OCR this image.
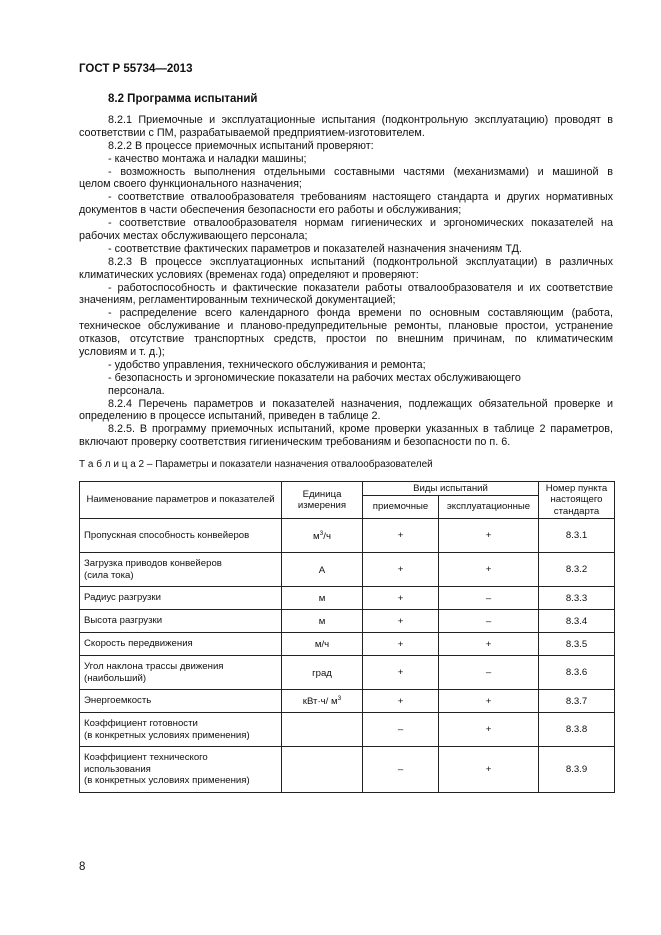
ГОСТ Р 55734—2013
8.2 Программа испытаний
8.2.1 Приемочные и эксплуатационные испытания (подконтрольную эксплуатацию) проводят в
соответствии с ПМ, разрабатываемой предприятием-изготовителем.
8.2.2 В процессе приемочных испытаний проверяют:
- качество монтажа и наладки машины;
- возможность выполнения отдельными составными частями (механизмами) и машиной в
целом своего функционального назначения;
- соответствие отвалообразователя требованиям настоящего стандарта и других нормативных
документов в части обеспечения безопасности его работы и обслуживания;
- соответствие отвалообразователя нормам гигиенических и эргономических показателей на
рабочих местах обслуживающего персонала;
- соответствие фактических параметров и показателей назначения значениям ТД.
8.2.3 В процессе эксплуатационных испытаний (подконтрольной эксплуатации) в различных
климатических условиях (временах года) определяют и проверяют:
- работоспособность и фактические показатели работы отвалообразователя и их соответствие
значениям, регламентированным технической документацией;
- распределение всего календарного фонда времени по основным составляющим (работа,
техническое обслуживание и планово-предупредительные ремонты, плановые простои, устранение
отказов, отсутствие транспортных средств, простои по внешним причинам, по климатическим
условиям и т. д.);
- удобство управления, технического обслуживания и ремонта;
- безопасность и эргономические показатели на рабочих местах обслуживающего
персонала.
8.2.4 Перечень параметров и показателей назначения, подлежащих обязательной проверке и
определению в процессе испытаний, приведен в таблице 2.
8.2.5. В программу приемочных испытаний, кроме проверки указанных в таблице 2 параметров,
включают проверку соответствия гигиеническим требованиям и безопасности по п. 6.
Т а б л и ц а 2 – Параметры и показатели назначения отвалообразователей
Наименование параметров и показателей	Единица измерения	Виды испытаний		Номер пункта настоящего стандарта
		приемочные	эксплуатационные	
Пропускная способность конвейеров	$м^3/ч$	+	+	8.3.1
Загрузка приводов конвейеров
(сила тока)	А	+	+	8.3.2
Радиус разгрузки	м	+	–	8.3.3
Высота разгрузки	м	+	–	8.3.4
Скорость передвижения	м/ч	+	+	8.3.5
Угол наклона трассы движения
(наибольший)	град	+	–	8.3.6
Энергоемкость	кВт·ч/ $м^3$	+	+	8.3.7
Коэффициент готовности
(в конкретных условиях применения)		–	+	8.3.8
Коэффициент технического
использования
(в конкретных условиях применения)		–	+	8.3.9
8
